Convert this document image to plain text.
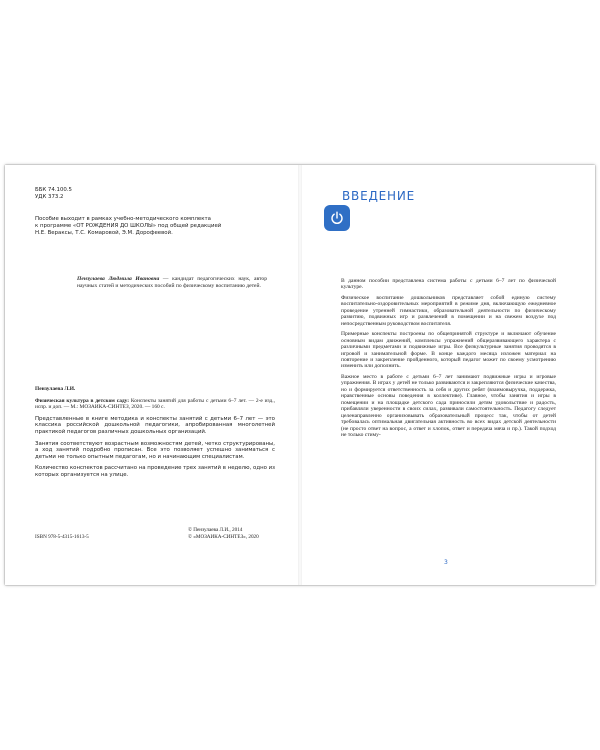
ББК 74.100.5
УДК 373.2
Пособие выходит в рамках учебно-методического комплекта
к программе «ОТ РОЖДЕНИЯ ДО ШКОЛЫ» под общей редакцией
Н.Е. Вераксы, Т.С. Комаровой, Э.М. Дорофеевой.
Пензулаева Людмила Ивановна — кандидат педагогических наук, автор научных статей и методических пособий по физическому воспитанию детей.

Пензулаева Л.И.

Физическая культура в детском саду: Конспекты занятий для работы с детьми 6–7 лет. — 2-е изд., испр. и доп. — М.: МОЗАИКА-СИНТЕЗ, 2020. — 160 с.

Представленные в книге методика и конспекты занятий с детьми 6–7 лет — это классика российской дошкольной педагогики, апробированная многолетней практикой педагогов различных дошкольных организаций.

Занятия соответствуют возрастным возможностям детей, четко структурированы, а ход занятий подробно прописан. Все это позволяет успешно заниматься с детьми не только опытным педагогам, но и начинающим специалистам.

Количество конспектов рассчитано на проведение трех занятий в неделю, одно из которых организуется на улице.

ISBN 978-5-4315-1613-5
© Пензулаева Л.И., 2014
© «МОЗАИКА-СИНТЕЗ», 2020
ВВЕДЕНИЕ

В данном пособии представлена система работы с детьми 6–7 лет по физической культуре.

Физическое воспитание дошкольников представляет собой единую систему воспитательно-оздоровительных мероприятий в режиме дня, включающую ежедневное проведение утренней гимнастики, образовательной деятельности по физическому развитию, подвижных игр и развлечений в помещении и на свежем воздухе под непосредственным руководством воспитателя.

Примерные конспекты построены по общепринятой структуре и включают обучение основным видам движений, комплексы упражнений общеразвивающего характера с различными предметами и подвижные игры. Все физкультурные занятия проводятся в игровой и занимательной форме. В конце каждого месяца изложен материал на повторение и закрепление пройденного, который педагог может по своему усмотрению изменить или дополнить.

Важное место в работе с детьми 6–7 лет занимают подвижные игры и игровые упражнения. В играх у детей не только развиваются и закрепляются физические качества, но и формируется ответственность за себя и других ребят (взаимовыручка, поддержка, нравственные основы поведения в коллективе). Главное, чтобы занятия и игры в помещении и на площадке детского сада приносили детям удовольствие и радость, прибавляли уверенности в своих силах, развивали самостоятельность. Педагогу следует целенаправленно организовывать образовательный процесс так, чтобы от детей требовалась оптимальная двигательная активность во всех видах детской деятельности (не просто ответ на вопрос, а ответ и хлопок, ответ и передача мяча и пр.). Такой подход не только стиму-

3
